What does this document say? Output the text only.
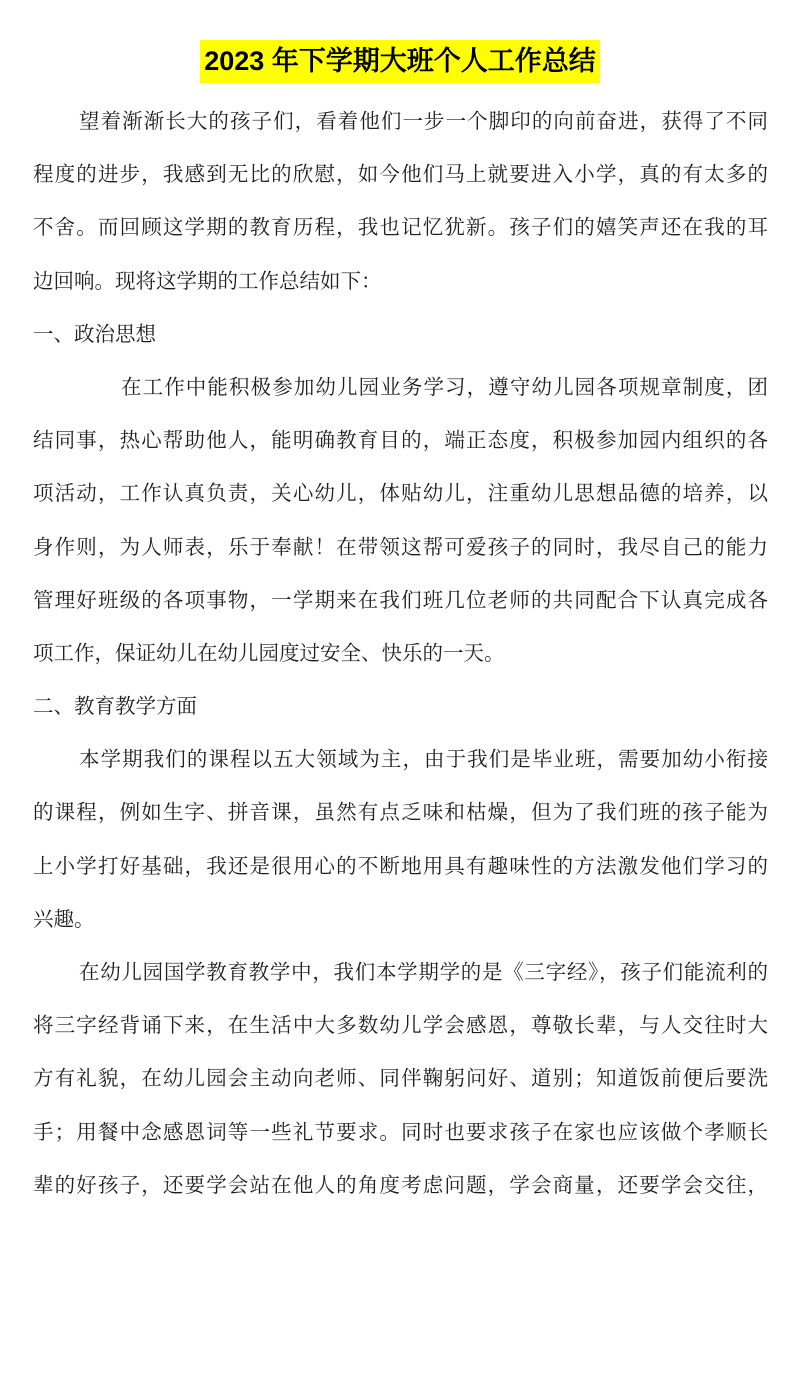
2023 年下学期大班个人工作总结
望着渐渐长大的孩子们，看着他们一步一个脚印的向前奋进，获得了不同
程度的进步，我感到无比的欣慰，如今他们马上就要进入小学，真的有太多的
不舍。而回顾这学期的教育历程，我也记忆犹新。孩子们的嬉笑声还在我的耳
边回响。现将这学期的工作总结如下：
一、政治思想
在工作中能积极参加幼儿园业务学习，遵守幼儿园各项规章制度，团
结同事，热心帮助他人，能明确教育目的，端正态度，积极参加园内组织的各
项活动，工作认真负责，关心幼儿，体贴幼儿，注重幼儿思想品德的培养，以
身作则，为人师表，乐于奉献！在带领这帮可爱孩子的同时，我尽自己的能力
管理好班级的各项事物，一学期来在我们班几位老师的共同配合下认真完成各
项工作，保证幼儿在幼儿园度过安全、快乐的一天。
二、教育教学方面
本学期我们的课程以五大领域为主，由于我们是毕业班，需要加幼小衔接
的课程，例如生字、拼音课，虽然有点乏味和枯燥，但为了我们班的孩子能为
上小学打好基础，我还是很用心的不断地用具有趣味性的方法激发他们学习的
兴趣。
在幼儿园国学教育教学中，我们本学期学的是《三字经》，孩子们能流利的
将三字经背诵下来，在生活中大多数幼儿学会感恩，尊敬长辈，与人交往时大
方有礼貌，在幼儿园会主动向老师、同伴鞠躬问好、道别；知道饭前便后要洗
手；用餐中念感恩词等一些礼节要求。同时也要求孩子在家也应该做个孝顺长
辈的好孩子，还要学会站在他人的角度考虑问题，学会商量，还要学会交往，
